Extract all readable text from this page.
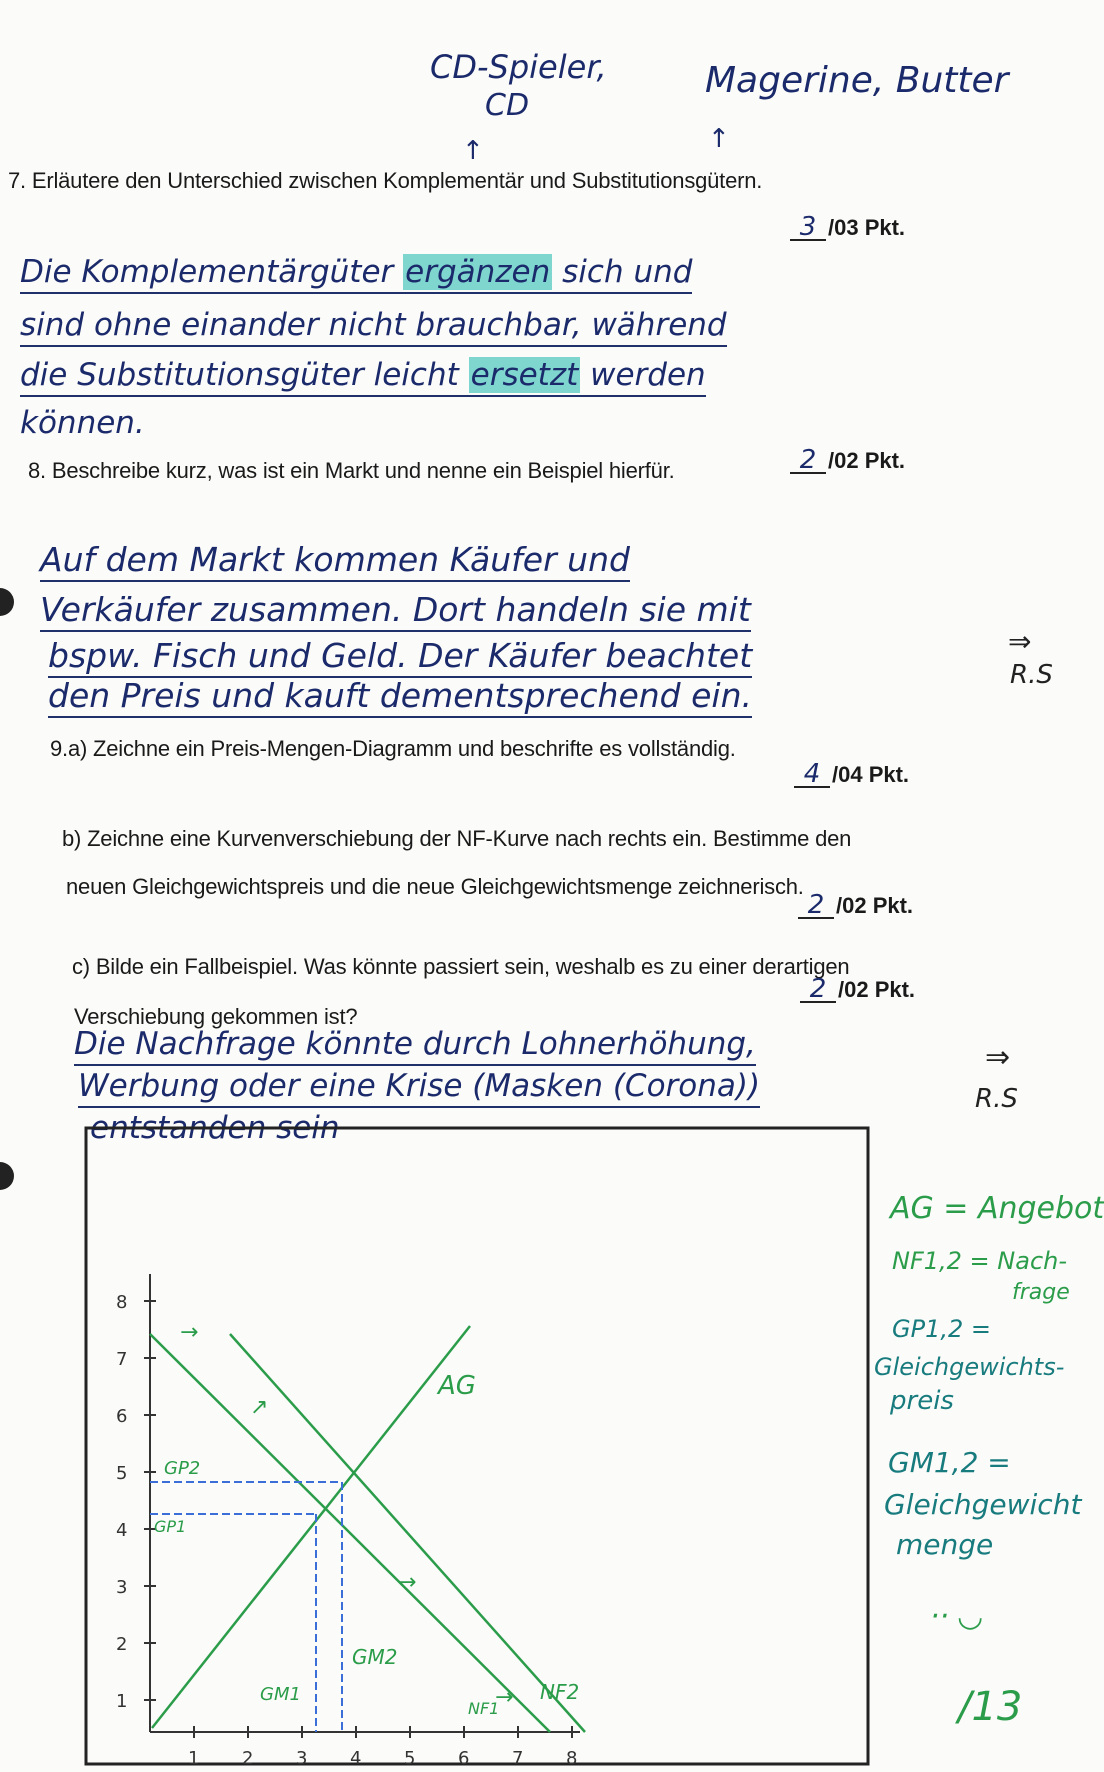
CD-Spieler,
CD
Magerine, Butter
↑	↑
7. Erläutere den Unterschied zwischen Komplementär und Substitutionsgütern.
3 /03 Pkt.
Die Komplementärgüter ergänzen sich und
sind ohne einander nicht brauchbar, während
die Substitutionsgüter leicht ersetzt werden
können.
8. Beschreibe kurz, was ist ein Markt und nenne ein Beispiel hierfür.	2 /02 Pkt.
Auf dem Markt kommen Käufer und
Verkäufer zusammen. Dort handeln sie mit
bspw. Fisch und Geld. Der Käufer beachtet
den Preis und kauft dementsprechend ein.
R.S
9.a) Zeichne ein Preis-Mengen-Diagramm und beschrifte es vollständig.
4 /04 Pkt.
b) Zeichne eine Kurvenverschiebung der NF-Kurve nach rechts ein. Bestimme den
neuen Gleichgewichtspreis und die neue Gleichgewichtsmenge zeichnerisch.
2 /02 Pkt.
c) Bilde ein Fallbeispiel. Was könnte passiert sein, weshalb es zu einer derartigen
Verschiebung gekommen ist?
2 /02 Pkt.
Die Nachfrage könnte durch Lohnerhöhung,
Werbung oder eine Krise (Masken (Corona))
entstanden sein
R.S
⇒
⇒
→
↗
→
→
AG
GP2
GP1
GM1
GM2
NF1
NF2
8
7
6
5
4
3
2
1
1 2 3 4 5 6 7 8
AG = Angebot
NF1,2 = Nach-
frage
GP1,2 =
Gleichgewichts-
preis
GM1,2 =
Gleichgewicht
menge
·· ◡
/13
